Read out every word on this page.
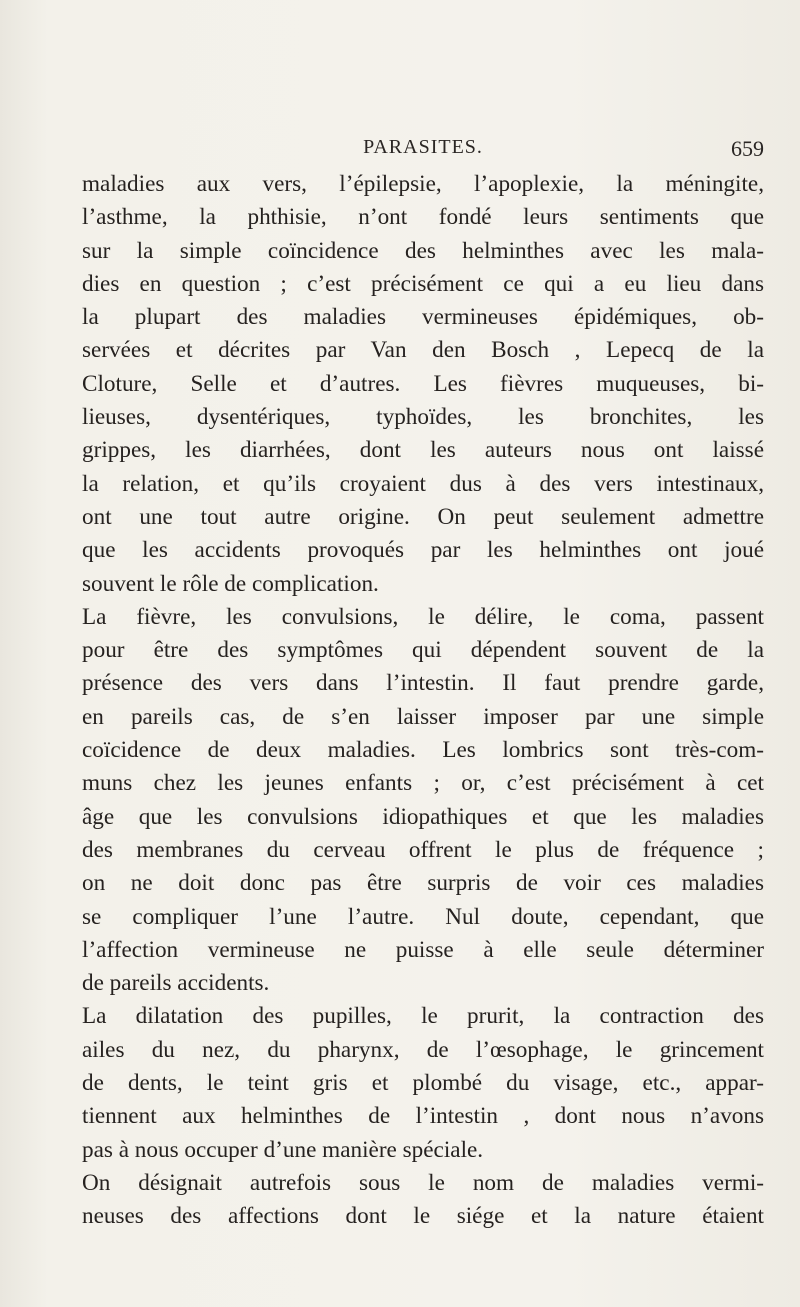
PARASITES.	659
maladies aux vers, l’épilepsie, l’apoplexie, la méningite,
l’asthme, la phthisie, n’ont fondé leurs sentiments que
sur la simple coïncidence des helminthes avec les mala-
dies en question ; c’est précisément ce qui a eu lieu dans
la plupart des maladies vermineuses épidémiques, ob-
servées et décrites par Van den Bosch , Lepecq de la
Cloture, Selle et d’autres. Les fièvres muqueuses, bi-
lieuses, dysentériques, typhoïdes, les bronchites, les
grippes, les diarrhées, dont les auteurs nous ont laissé
la relation, et qu’ils croyaient dus à des vers intestinaux,
ont une tout autre origine. On peut seulement admettre
que les accidents provoqués par les helminthes ont joué
souvent le rôle de complication.
La fièvre, les convulsions, le délire, le coma, passent
pour être des symptômes qui dépendent souvent de la
présence des vers dans l’intestin. Il faut prendre garde,
en pareils cas, de s’en laisser imposer par une simple
coïcidence de deux maladies. Les lombrics sont très-com-
muns chez les jeunes enfants ; or, c’est précisément à cet
âge que les convulsions idiopathiques et que les maladies
des membranes du cerveau offrent le plus de fréquence ;
on ne doit donc pas être surpris de voir ces maladies
se compliquer l’une l’autre. Nul doute, cependant, que
l’affection vermineuse ne puisse à elle seule déterminer
de pareils accidents.
La dilatation des pupilles, le prurit, la contraction des
ailes du nez, du pharynx, de l’œsophage, le grincement
de dents, le teint gris et plombé du visage, etc., appar-
tiennent aux helminthes de l’intestin , dont nous n’avons
pas à nous occuper d’une manière spéciale.
On désignait autrefois sous le nom de maladies vermi-
neuses des affections dont le siége et la nature étaient
